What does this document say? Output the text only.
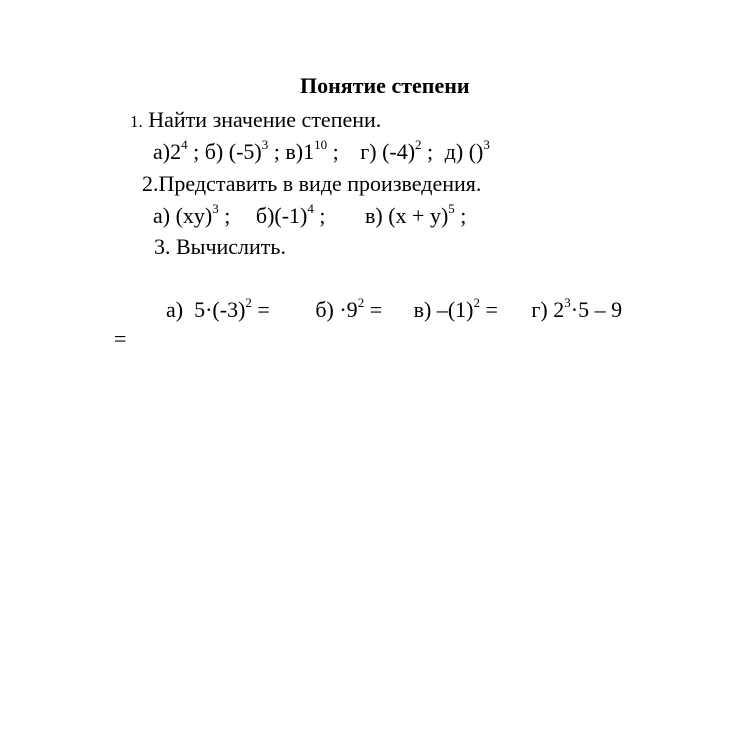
Понятие степени
1. Найти значение степени.
$а)2^4$ ; б) $(-5)^3$ ; $в)1^{10}$ ; г) $(-4)^2$ ; д) ()$^3$
2.Представить в виде произведения.
а) (xy)$^3$ ; $б)(-1)^4$ ; в) $(x + y)^5$ ;
3. Вычислить.
а) $5\cdot(-3)^2 = б) \cdot 9^2 = в$) $-(1)^2 = г$) $2^3\cdot 5 - 9$
=
